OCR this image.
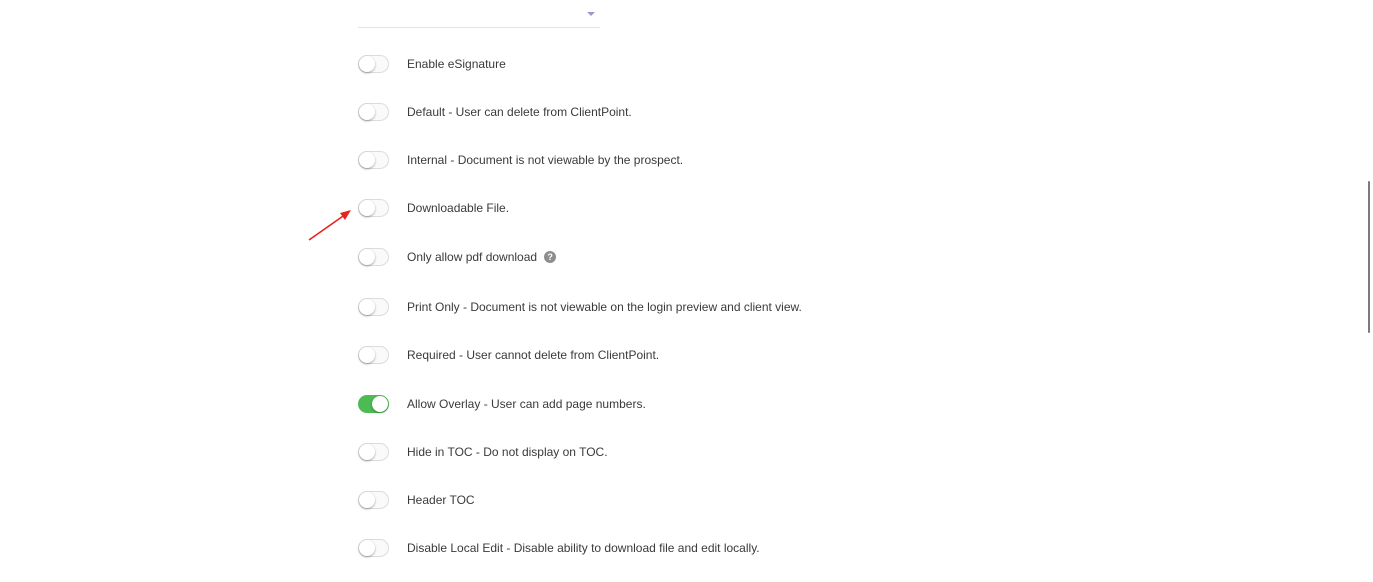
Enable eSignature
Default - User can delete from ClientPoint.
Internal - Document is not viewable by the prospect.
Downloadable File.
Only allow pdf download	?
Print Only - Document is not viewable on the login preview and client view.
Required - User cannot delete from ClientPoint.
Allow Overlay - User can add page numbers.
Hide in TOC - Do not display on TOC.
Header TOC
Disable Local Edit - Disable ability to download file and edit locally.
